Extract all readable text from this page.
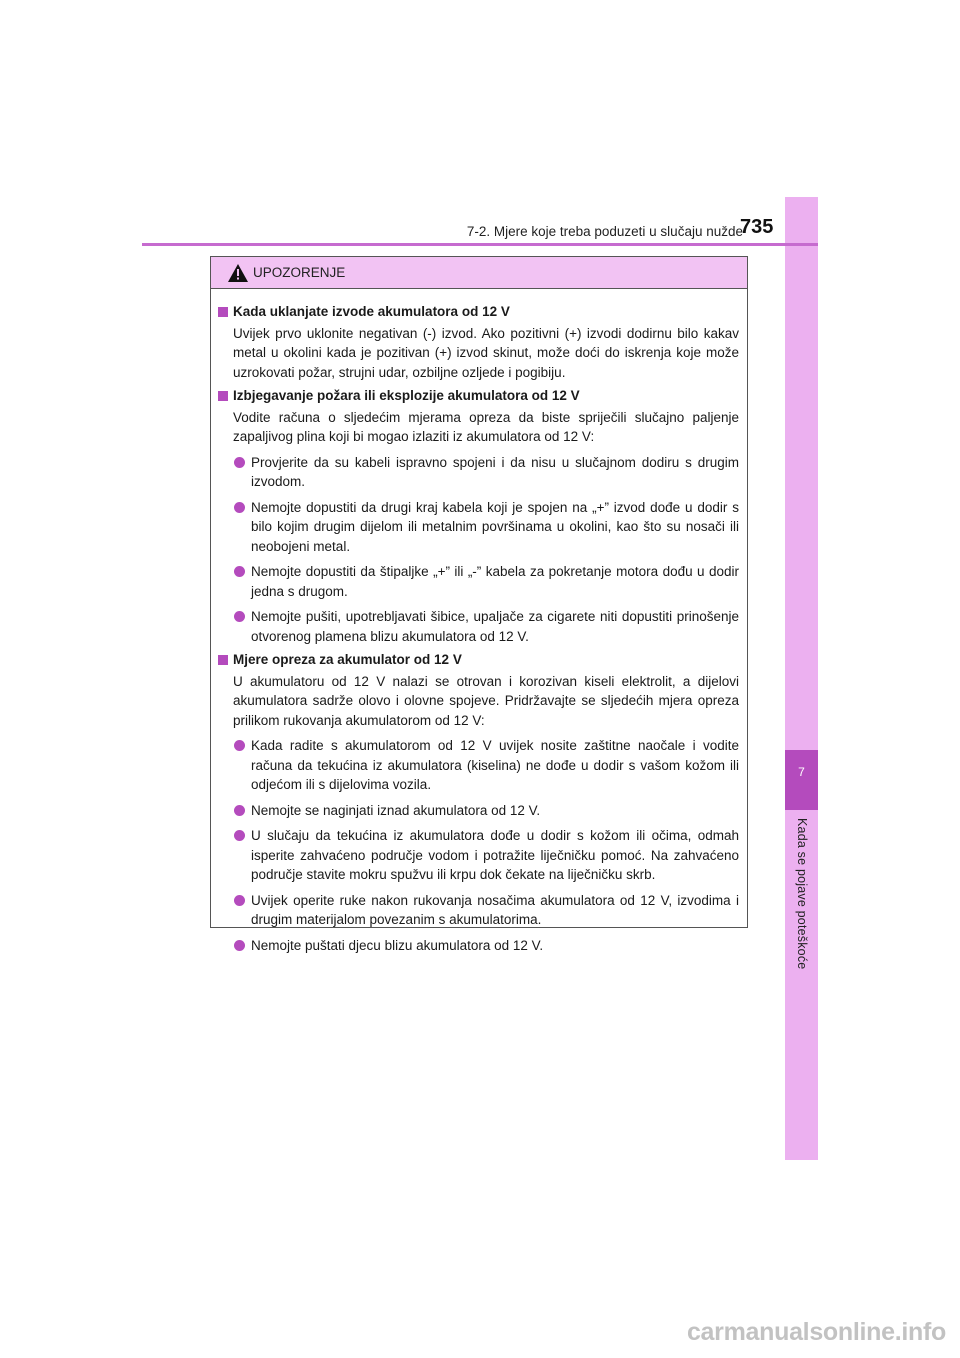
7
Kada se pojave poteškoće
7-2. Mjere koje treba poduzeti u slučaju nužde
735
UPOZORENJE
Kada uklanjate izvode akumulatora od 12 V
Uvijek prvo uklonite negativan (-) izvod. Ako pozitivni (+) izvodi dodirnu bilo kakav metal u okolini kada je pozitivan (+) izvod skinut, može doći do iskrenja koje može uzrokovati požar, strujni udar, ozbiljne ozljede i pogibiju.
Izbjegavanje požara ili eksplozije akumulatora od 12 V
Vodite računa o sljedećim mjerama opreza da biste spriječili slučajno paljenje zapaljivog plina koji bi mogao izlaziti iz akumulatora od 12 V:
Provjerite da su kabeli ispravno spojeni i da nisu u slučajnom dodiru s drugim izvodom.
Nemojte dopustiti da drugi kraj kabela koji je spojen na „+” izvod dođe u dodir s bilo kojim drugim dijelom ili metalnim površinama u okolini, kao što su nosači ili neobojeni metal.
Nemojte dopustiti da štipaljke „+” ili „-” kabela za pokretanje motora dođu u dodir jedna s drugom.
Nemojte pušiti, upotrebljavati šibice, upaljače za cigarete niti dopustiti prinošenje otvorenog plamena blizu akumulatora od 12 V.
Mjere opreza za akumulator od 12 V
U akumulatoru od 12 V nalazi se otrovan i korozivan kiseli elektrolit, a dijelovi akumulatora sadrže olovo i olovne spojeve. Pridržavajte se sljedećih mjera opreza prilikom rukovanja akumulatorom od 12 V:
Kada radite s akumulatorom od 12 V uvijek nosite zaštitne naočale i vodite računa da tekućina iz akumulatora (kiselina) ne dođe u dodir s vašom kožom ili odjećom ili s dijelovima vozila.
Nemojte se naginjati iznad akumulatora od 12 V.
U slučaju da tekućina iz akumulatora dođe u dodir s kožom ili očima, odmah isperite zahvaćeno područje vodom i potražite liječničku pomoć. Na zahvaćeno područje stavite mokru spužvu ili krpu dok čekate na liječničku skrb.
Uvijek operite ruke nakon rukovanja nosačima akumulatora od 12 V, izvodima i drugim materijalom povezanim s akumulatorima.
Nemojte puštati djecu blizu akumulatora od 12 V.
carmanualsonline.info
